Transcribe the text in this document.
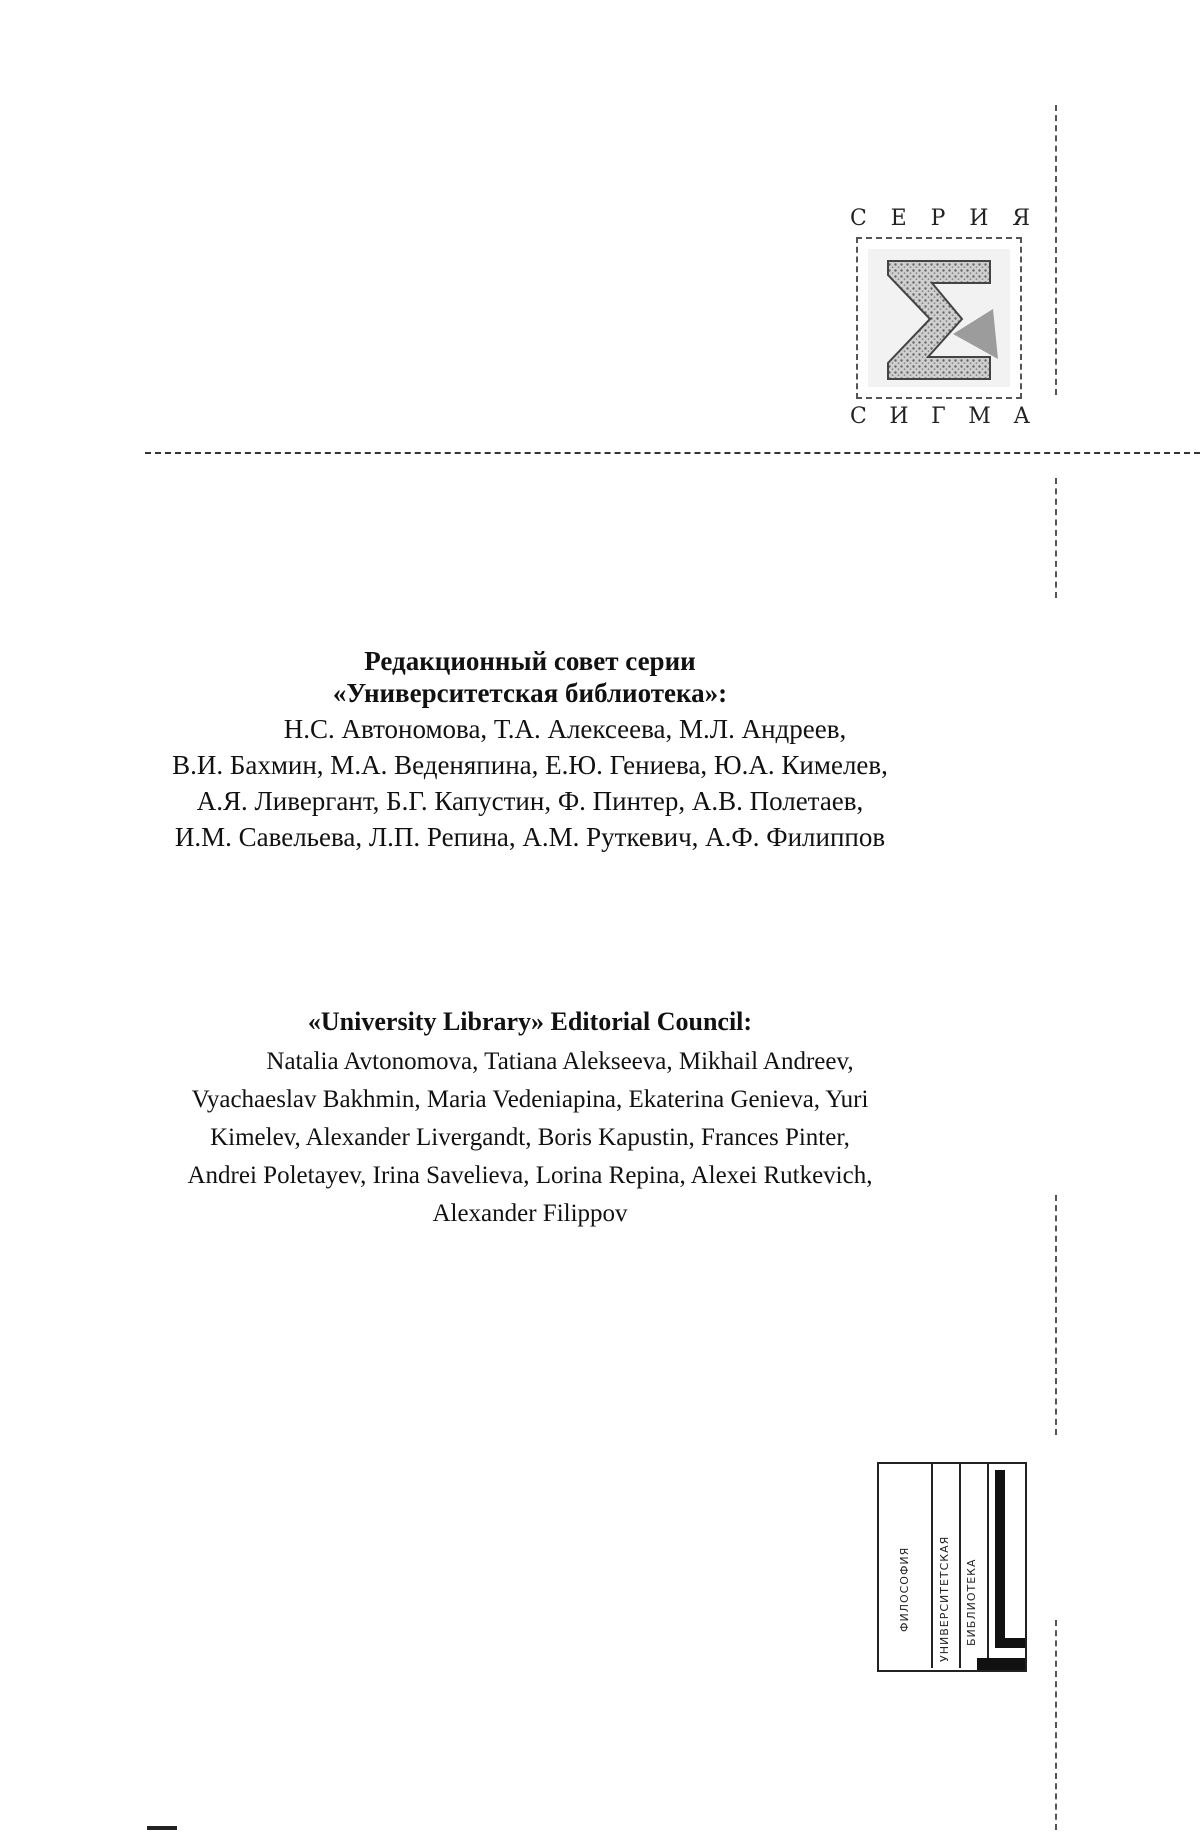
С Е Р И Я
С И Г М А
Редакционный совет серии
«Университетская библиотека»:
Н.С. Автономова, Т.А. Алексеева, М.Л. Андреев,
В.И. Бахмин, М.А. Веденяпина, Е.Ю. Гениева, Ю.А. Кимелев,
А.Я. Ливергант, Б.Г. Капустин, Ф. Пинтер, А.В. Полетаев,
И.М. Савельева, Л.П. Репина, А.М. Руткевич, А.Ф. Филиппов
«University Library» Editorial Council:
Natalia Avtonomova, Tatiana Alekseeva, Mikhail Andreev,
Vyachaeslav Bakhmin, Maria Vedeniapina, Ekaterina Genieva, Yuri
Kimelev, Alexander Livergandt, Boris Kapustin, Frances Pinter,
Andrei Poletayev, Irina Savelieva, Lorina Repina, Alexei Rutkevich,
Alexander Filippov
ФИЛОСОФИЯ УНИВЕРСИТЕТСКАЯ БИБЛИОТЕКА
